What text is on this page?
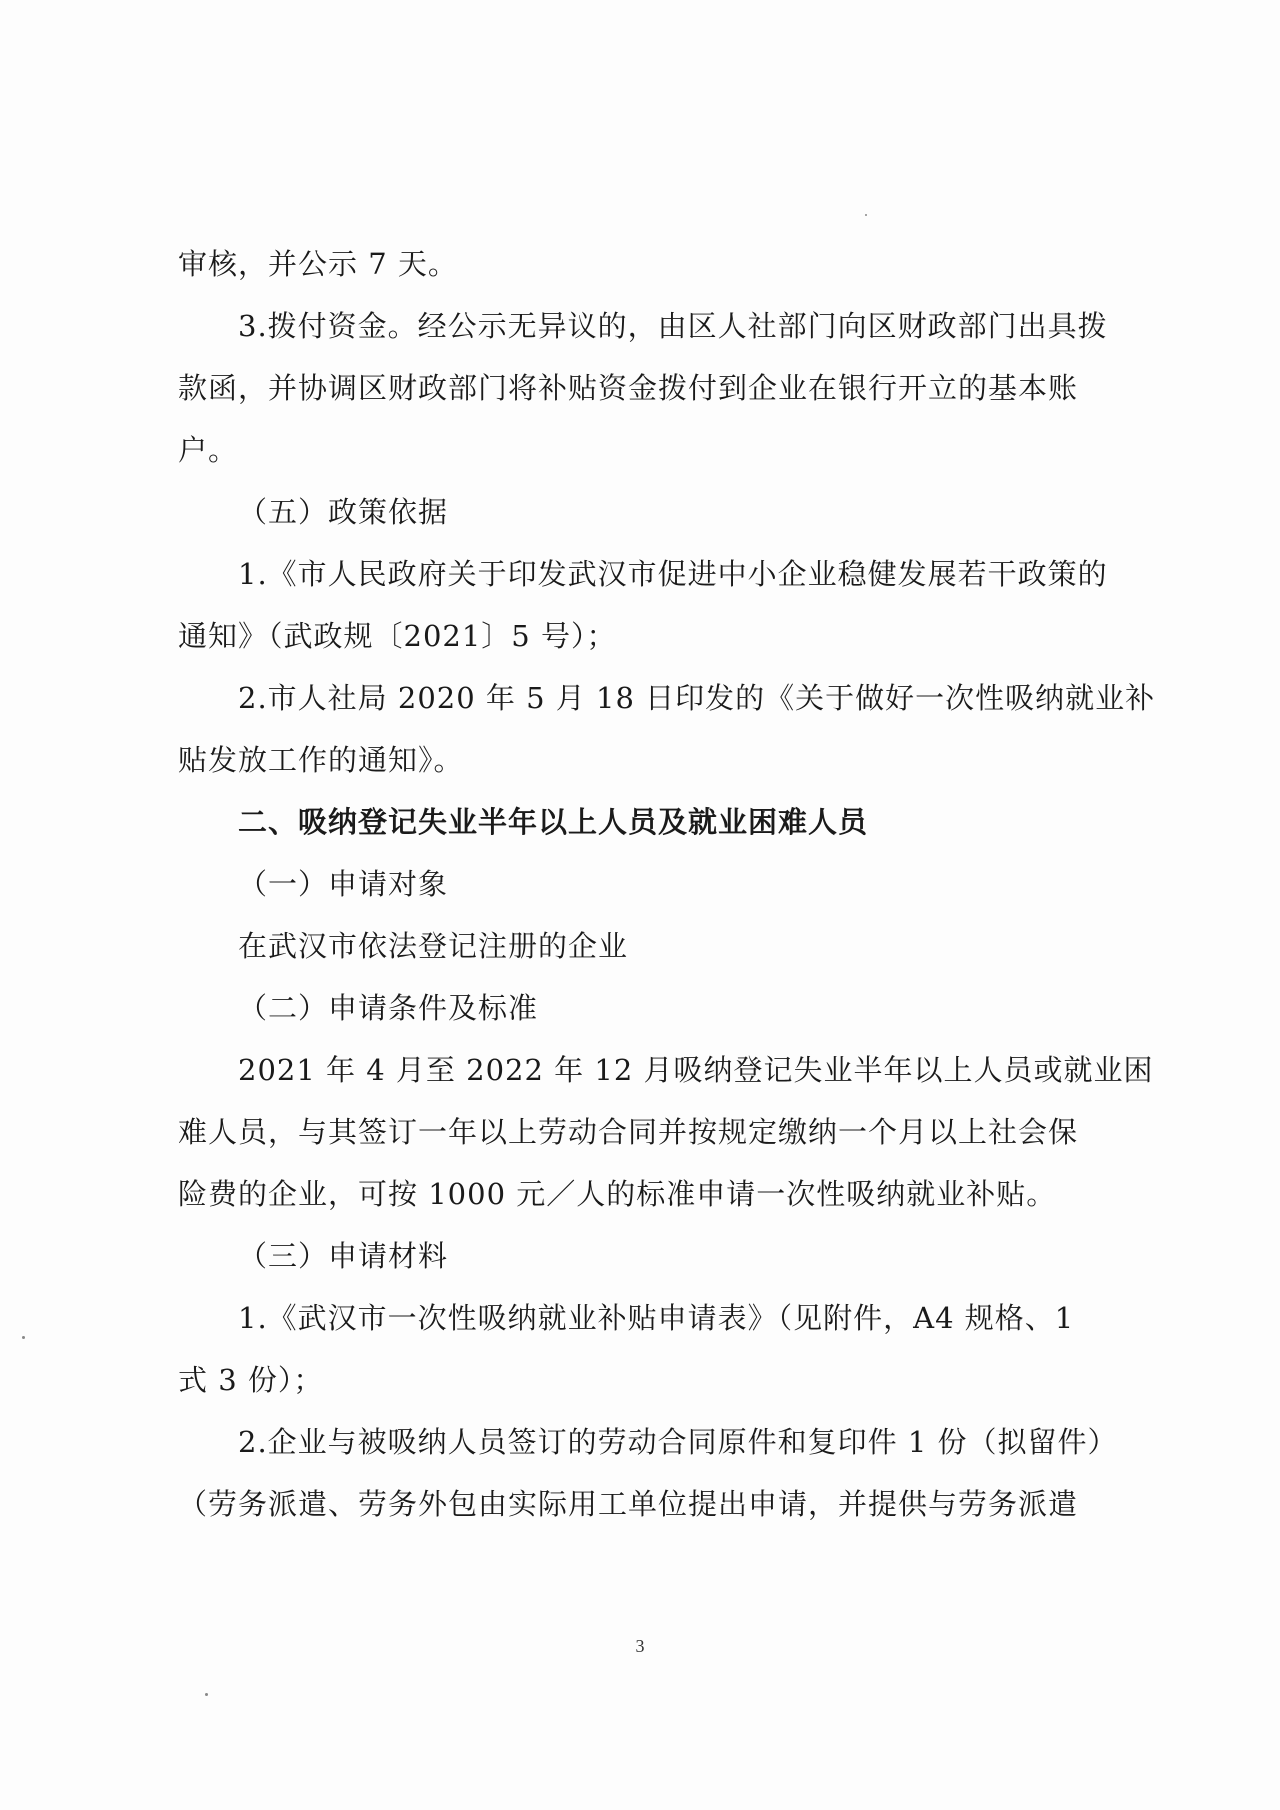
审核，并公示 7 天。
3.拨付资金。经公示无异议的，由区人社部门向区财政部门出具拨
款函，并协调区财政部门将补贴资金拨付到企业在银行开立的基本账
户。
（五）政策依据
1.《市人民政府关于印发武汉市促进中小企业稳健发展若干政策的
通知》（武政规〔2021〕5 号）；
2.市人社局 2020 年 5 月 18 日印发的《关于做好一次性吸纳就业补
贴发放工作的通知》。
二、吸纳登记失业半年以上人员及就业困难人员
（一）申请对象
在武汉市依法登记注册的企业
（二）申请条件及标准
2021 年 4 月至 2022 年 12 月吸纳登记失业半年以上人员或就业困
难人员，与其签订一年以上劳动合同并按规定缴纳一个月以上社会保
险费的企业，可按 1000 元／人的标准申请一次性吸纳就业补贴。
（三）申请材料
1.《武汉市一次性吸纳就业补贴申请表》（见附件，A4 规格、1
式 3 份）；
2.企业与被吸纳人员签订的劳动合同原件和复印件 1 份（拟留件）
（劳务派遣、劳务外包由实际用工单位提出申请，并提供与劳务派遣
3
